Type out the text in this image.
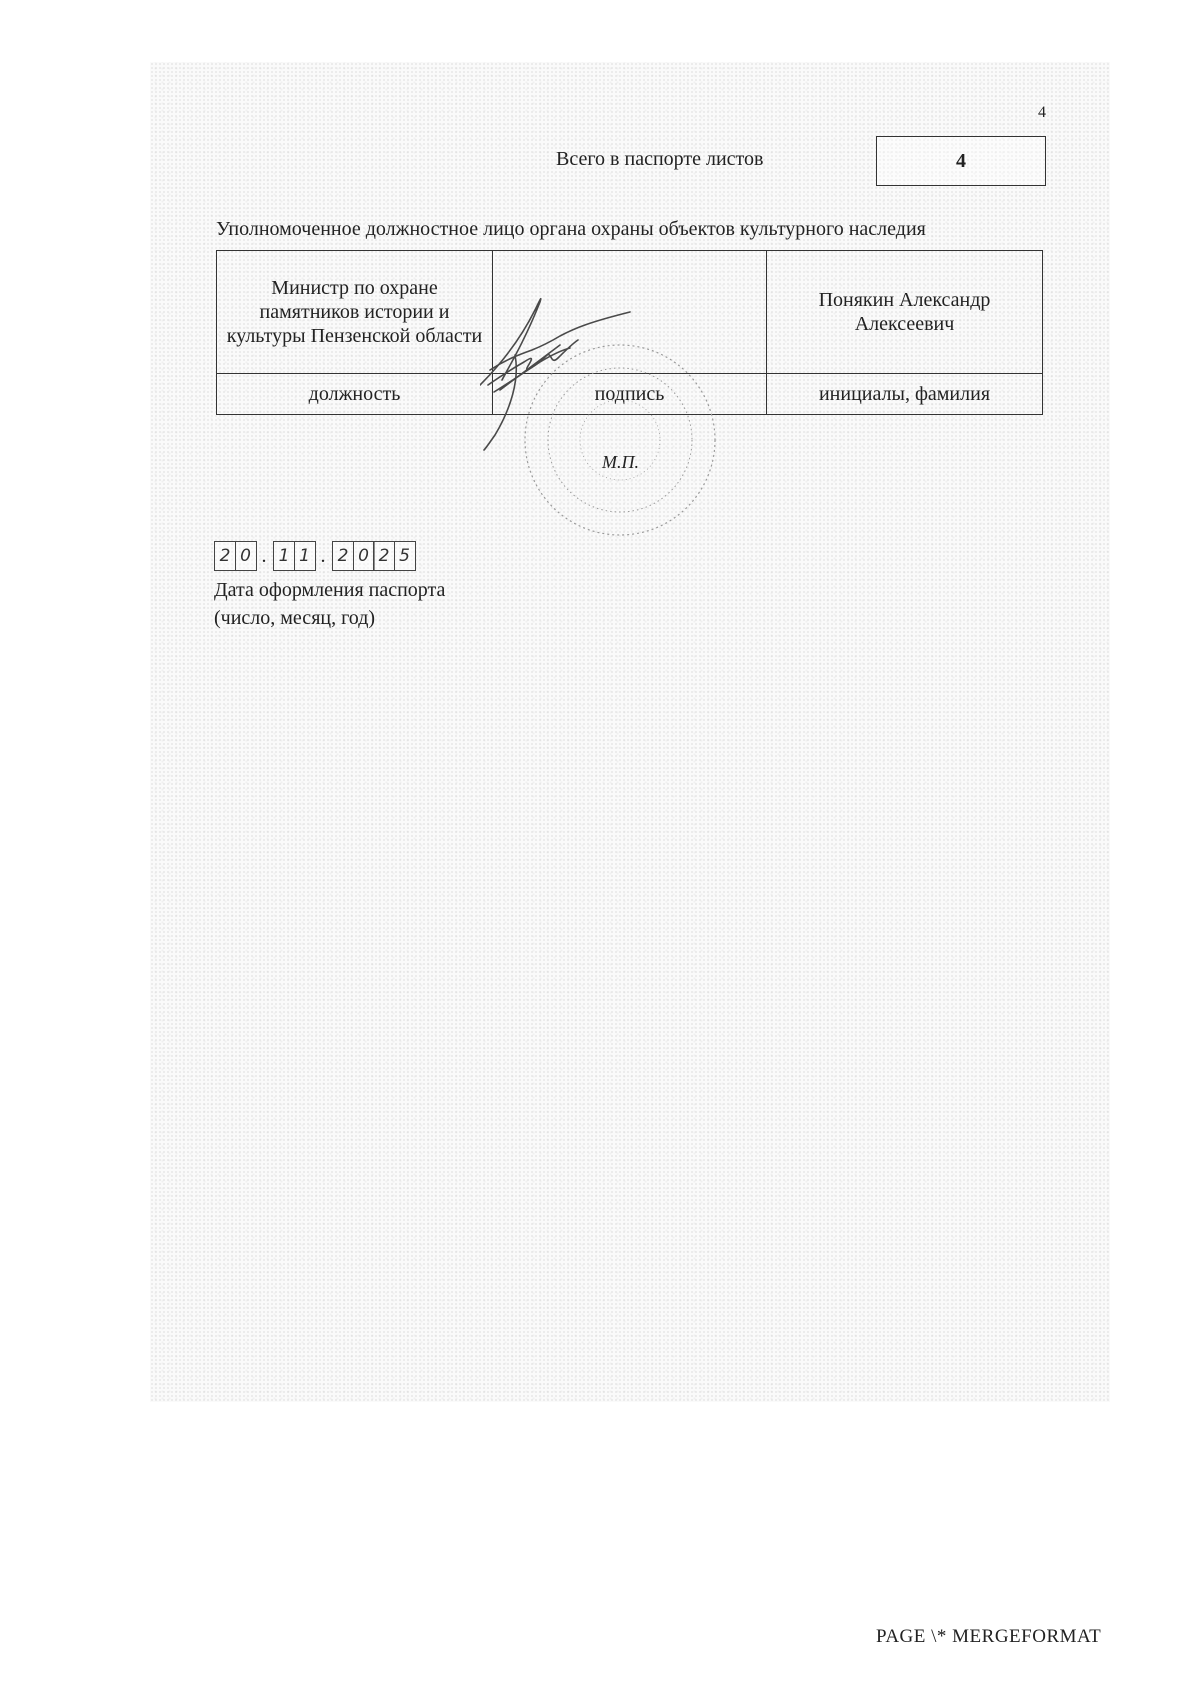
4
Всего в паспорте листов	4
Уполномоченное должностное лицо органа охраны объектов культурного наследия
Министр по охране памятников истории и культуры Пензенской области		Понякин Александр Алексеевич
должность	подпись	инициалы, фамилия
М.П.
2 0 . 1 1 . 2 0 2 5
Дата оформления паспорта
(число, месяц, год)
PAGE \* MERGEFORMAT
